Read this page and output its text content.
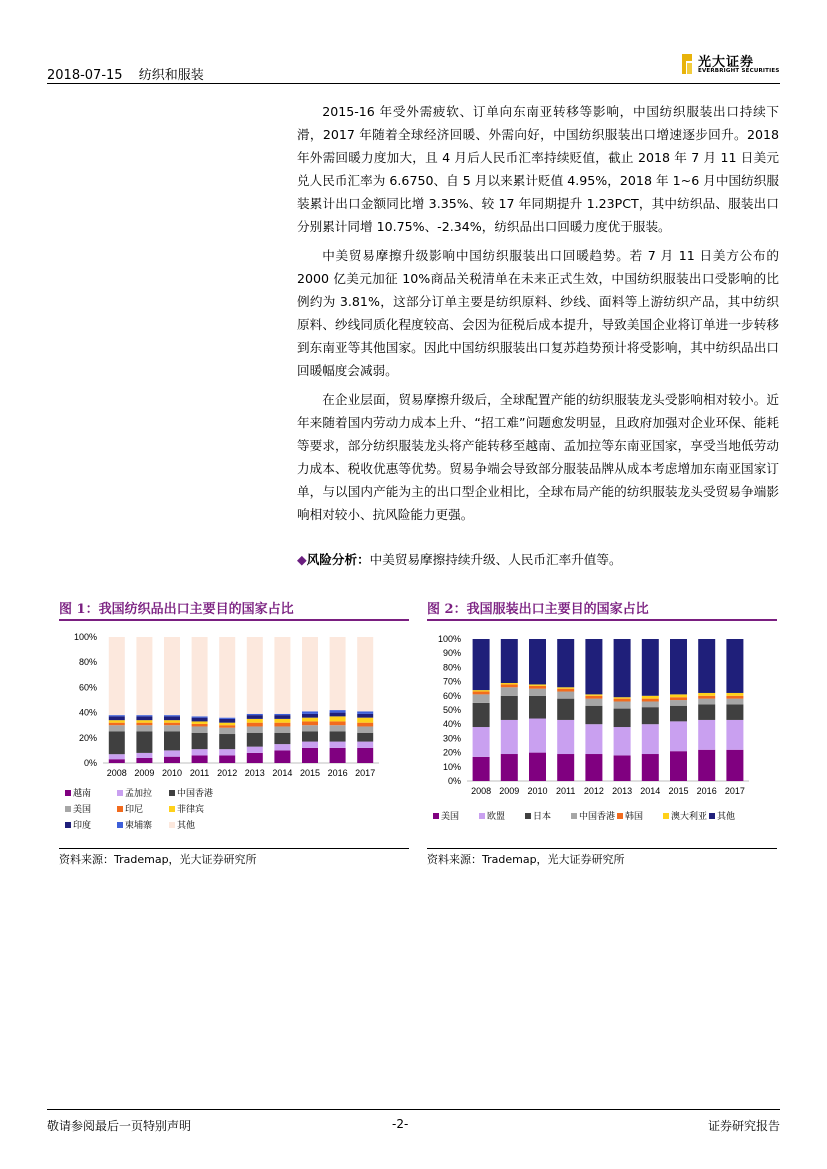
2018-07-15 纺织和服装
光大证券
EVERBRIGHT SECURITIES

2015-16 年受外需疲软、订单向东南亚转移等影响，中国纺织服装出口持续下滑，2017 年随着全球经济回暖、外需向好，中国纺织服装出口增速逐步回升。2018 年外需回暖力度加大，且 4 月后人民币汇率持续贬值，截止 2018 年 7 月 11 日美元兑人民币汇率为 6.6750、自 5 月以来累计贬值 4.95%，2018 年 1~6 月中国纺织服装累计出口金额同比增 3.35%、较 17 年同期提升 1.23PCT，其中纺织品、服装出口分别累计同增 10.75%、-2.34%，纺织品出口回暖力度优于服装。

中美贸易摩擦升级影响中国纺织服装出口回暖趋势。若 7 月 11 日美方公布的 2000 亿美元加征 10%商品关税清单在未来正式生效，中国纺织服装出口受影响的比例约为 3.81%，这部分订单主要是纺织原料、纱线、面料等上游纺织产品，其中纺织原料、纱线同质化程度较高、会因为征税后成本提升，导致美国企业将订单进一步转移到东南亚等其他国家。因此中国纺织服装出口复苏趋势预计将受影响，其中纺织品出口回暖幅度会减弱。

在企业层面，贸易摩擦升级后，全球配置产能的纺织服装龙头受影响相对较小。近年来随着国内劳动力成本上升、“招工难”问题愈发明显，且政府加强对企业环保、能耗等要求，部分纺织服装龙头将产能转移至越南、孟加拉等东南亚国家，享受当地低劳动力成本、税收优惠等优势。贸易争端会导致部分服装品牌从成本考虑增加东南亚国家订单，与以国内产能为主的出口型企业相比，全球布局产能的纺织服装龙头受贸易争端影响相对较小、抗风险能力更强。

◆风险分析：中美贸易摩擦持续升级、人民币汇率升值等。
图 1：我国纺织品出口主要目的国家占比
0%
20%
40%
60%
80%
100%
2008 2009 2010 2011 2012 2013 2014 2015 2016 2017
越南	孟加拉	中国香港
美国	印尼	菲律宾
印度	柬埔寨	其他
资料来源：Trademap，光大证券研究所
图 2：我国服装出口主要目的国家占比
0%
10%
20%
30%
40%
50%
60%
70%
80%
90%
100%
2008 2009 2010 2011 2012 2013 2014 2015 2016 2017
美国	欧盟	日本	中国香港 韩国	澳大利亚 其他
资料来源：Trademap，光大证券研究所
敬请参阅最后一页特别声明	-2-	证券研究报告
